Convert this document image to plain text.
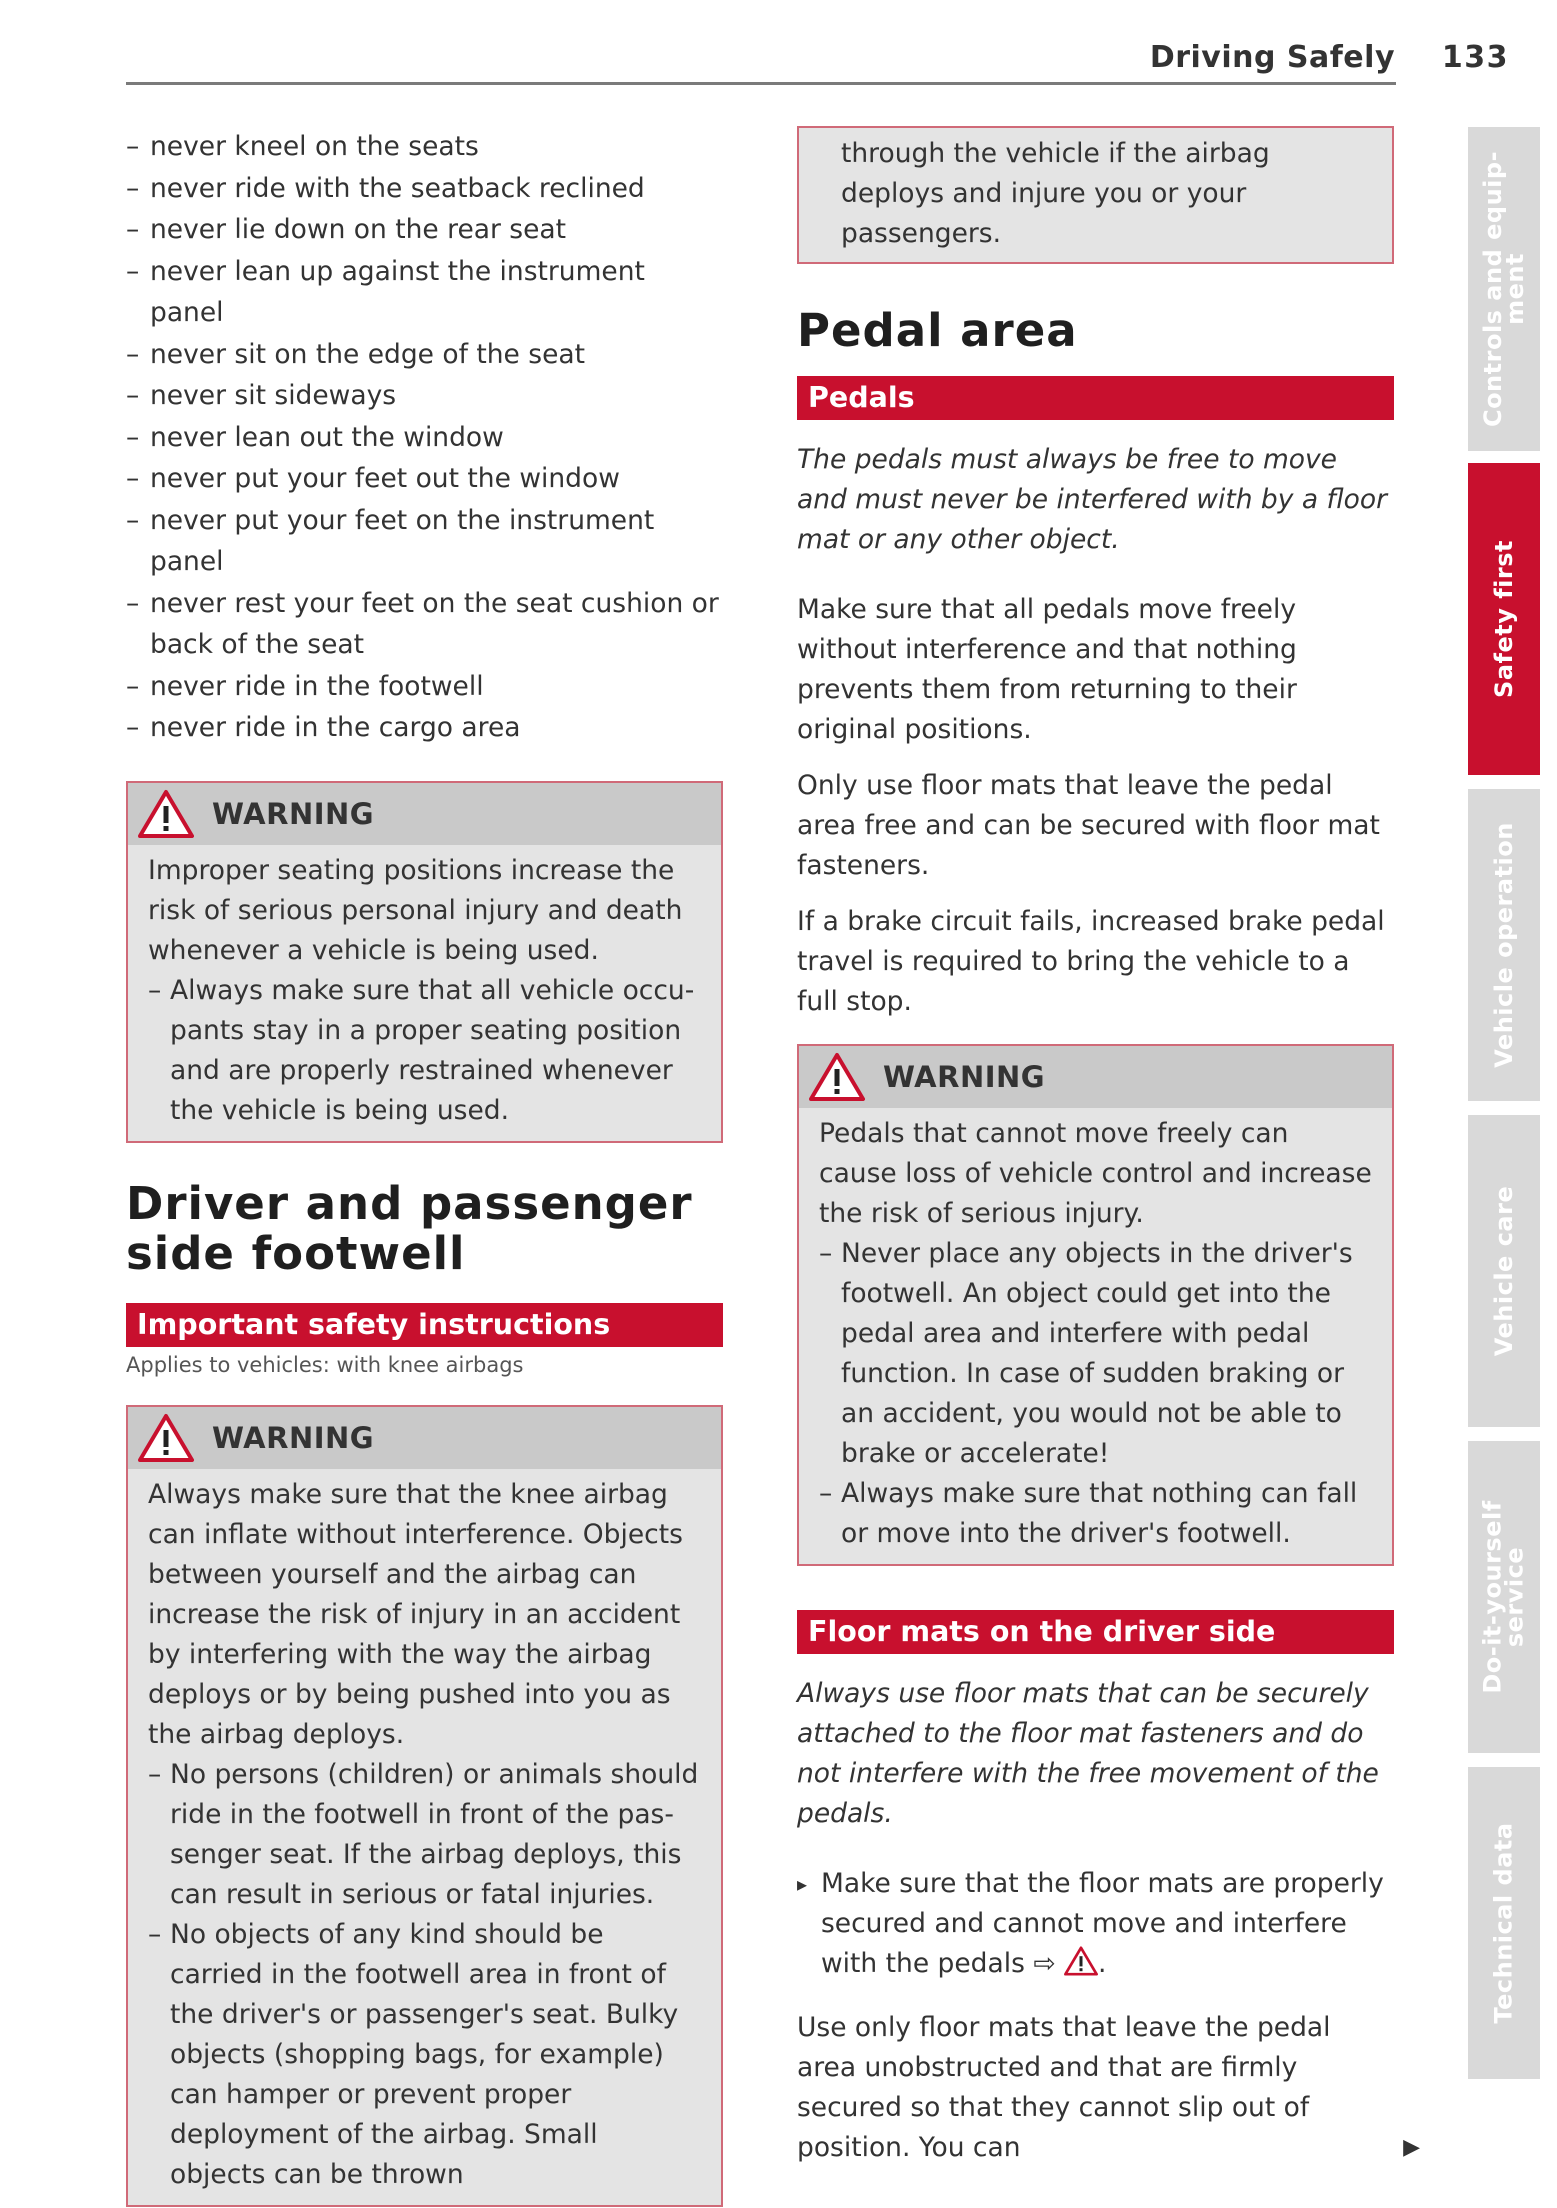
Driving Safely 133
– never kneel on the seats
– never ride with the seatback reclined
– never lie down on the rear seat
– never lean up against the instrument panel
– never sit on the edge of the seat
– never sit sideways
– never lean out the window
– never put your feet out the window
– never put your feet on the instrument panel
– never rest your feet on the seat cushion or back of the seat
– never ride in the footwell
– never ride in the cargo area
WARNING

Improper seating positions increase the risk of serious personal injury and death whenever a vehicle is being used.

– Always make sure that all vehicle occupants stay in a proper seating position and are properly restrained whenever the vehicle is being used.
Driver and passenger side footwell
Important safety instructions
Applies to vehicles: with knee airbags
WARNING

Always make sure that the knee airbag can inflate without interference. Objects between yourself and the airbag can increase the risk of injury in an accident by interfering with the way the airbag deploys or by being pushed into you as the airbag deploys.

– No persons (children) or animals should ride in the footwell in front of the passenger seat. If the airbag deploys, this can result in serious or fatal injuries.
– No objects of any kind should be carried in the footwell area in front of the driver's or passenger's seat. Bulky objects (shopping bags, for example) can hamper or prevent proper deployment of the airbag. Small objects can be thrown

through the vehicle if the airbag deploys and injure you or your passengers.

Pedal area
Pedals

The pedals must always be free to move and must never be interfered with by a floor mat or any other object.

Make sure that all pedals move freely without interference and that nothing prevents them from returning to their original positions.

Only use floor mats that leave the pedal area free and can be secured with floor mat fasteners.

If a brake circuit fails, increased brake pedal travel is required to bring the vehicle to a full stop.

WARNING

Pedals that cannot move freely can cause loss of vehicle control and increase the risk of serious injury.

– Never place any objects in the driver's footwell. An object could get into the pedal area and interfere with pedal function. In case of sudden braking or an accident, you would not be able to brake or accelerate!
– Always make sure that nothing can fall or move into the driver's footwell.
Floor mats on the driver side

Always use floor mats that can be securely attached to the floor mat fasteners and do not interfere with the free movement of the pedals.

▸ Make sure that the floor mats are properly secured and cannot move and interfere with the pedals ⇨ .

Use only floor mats that leave the pedal area unobstructed and that are firmly secured so that they cannot slip out of position. You can	▶

Controls and equip-
ment
Safety first
Vehicle operation
Vehicle care
Do-it-yourself
service
Technical data
